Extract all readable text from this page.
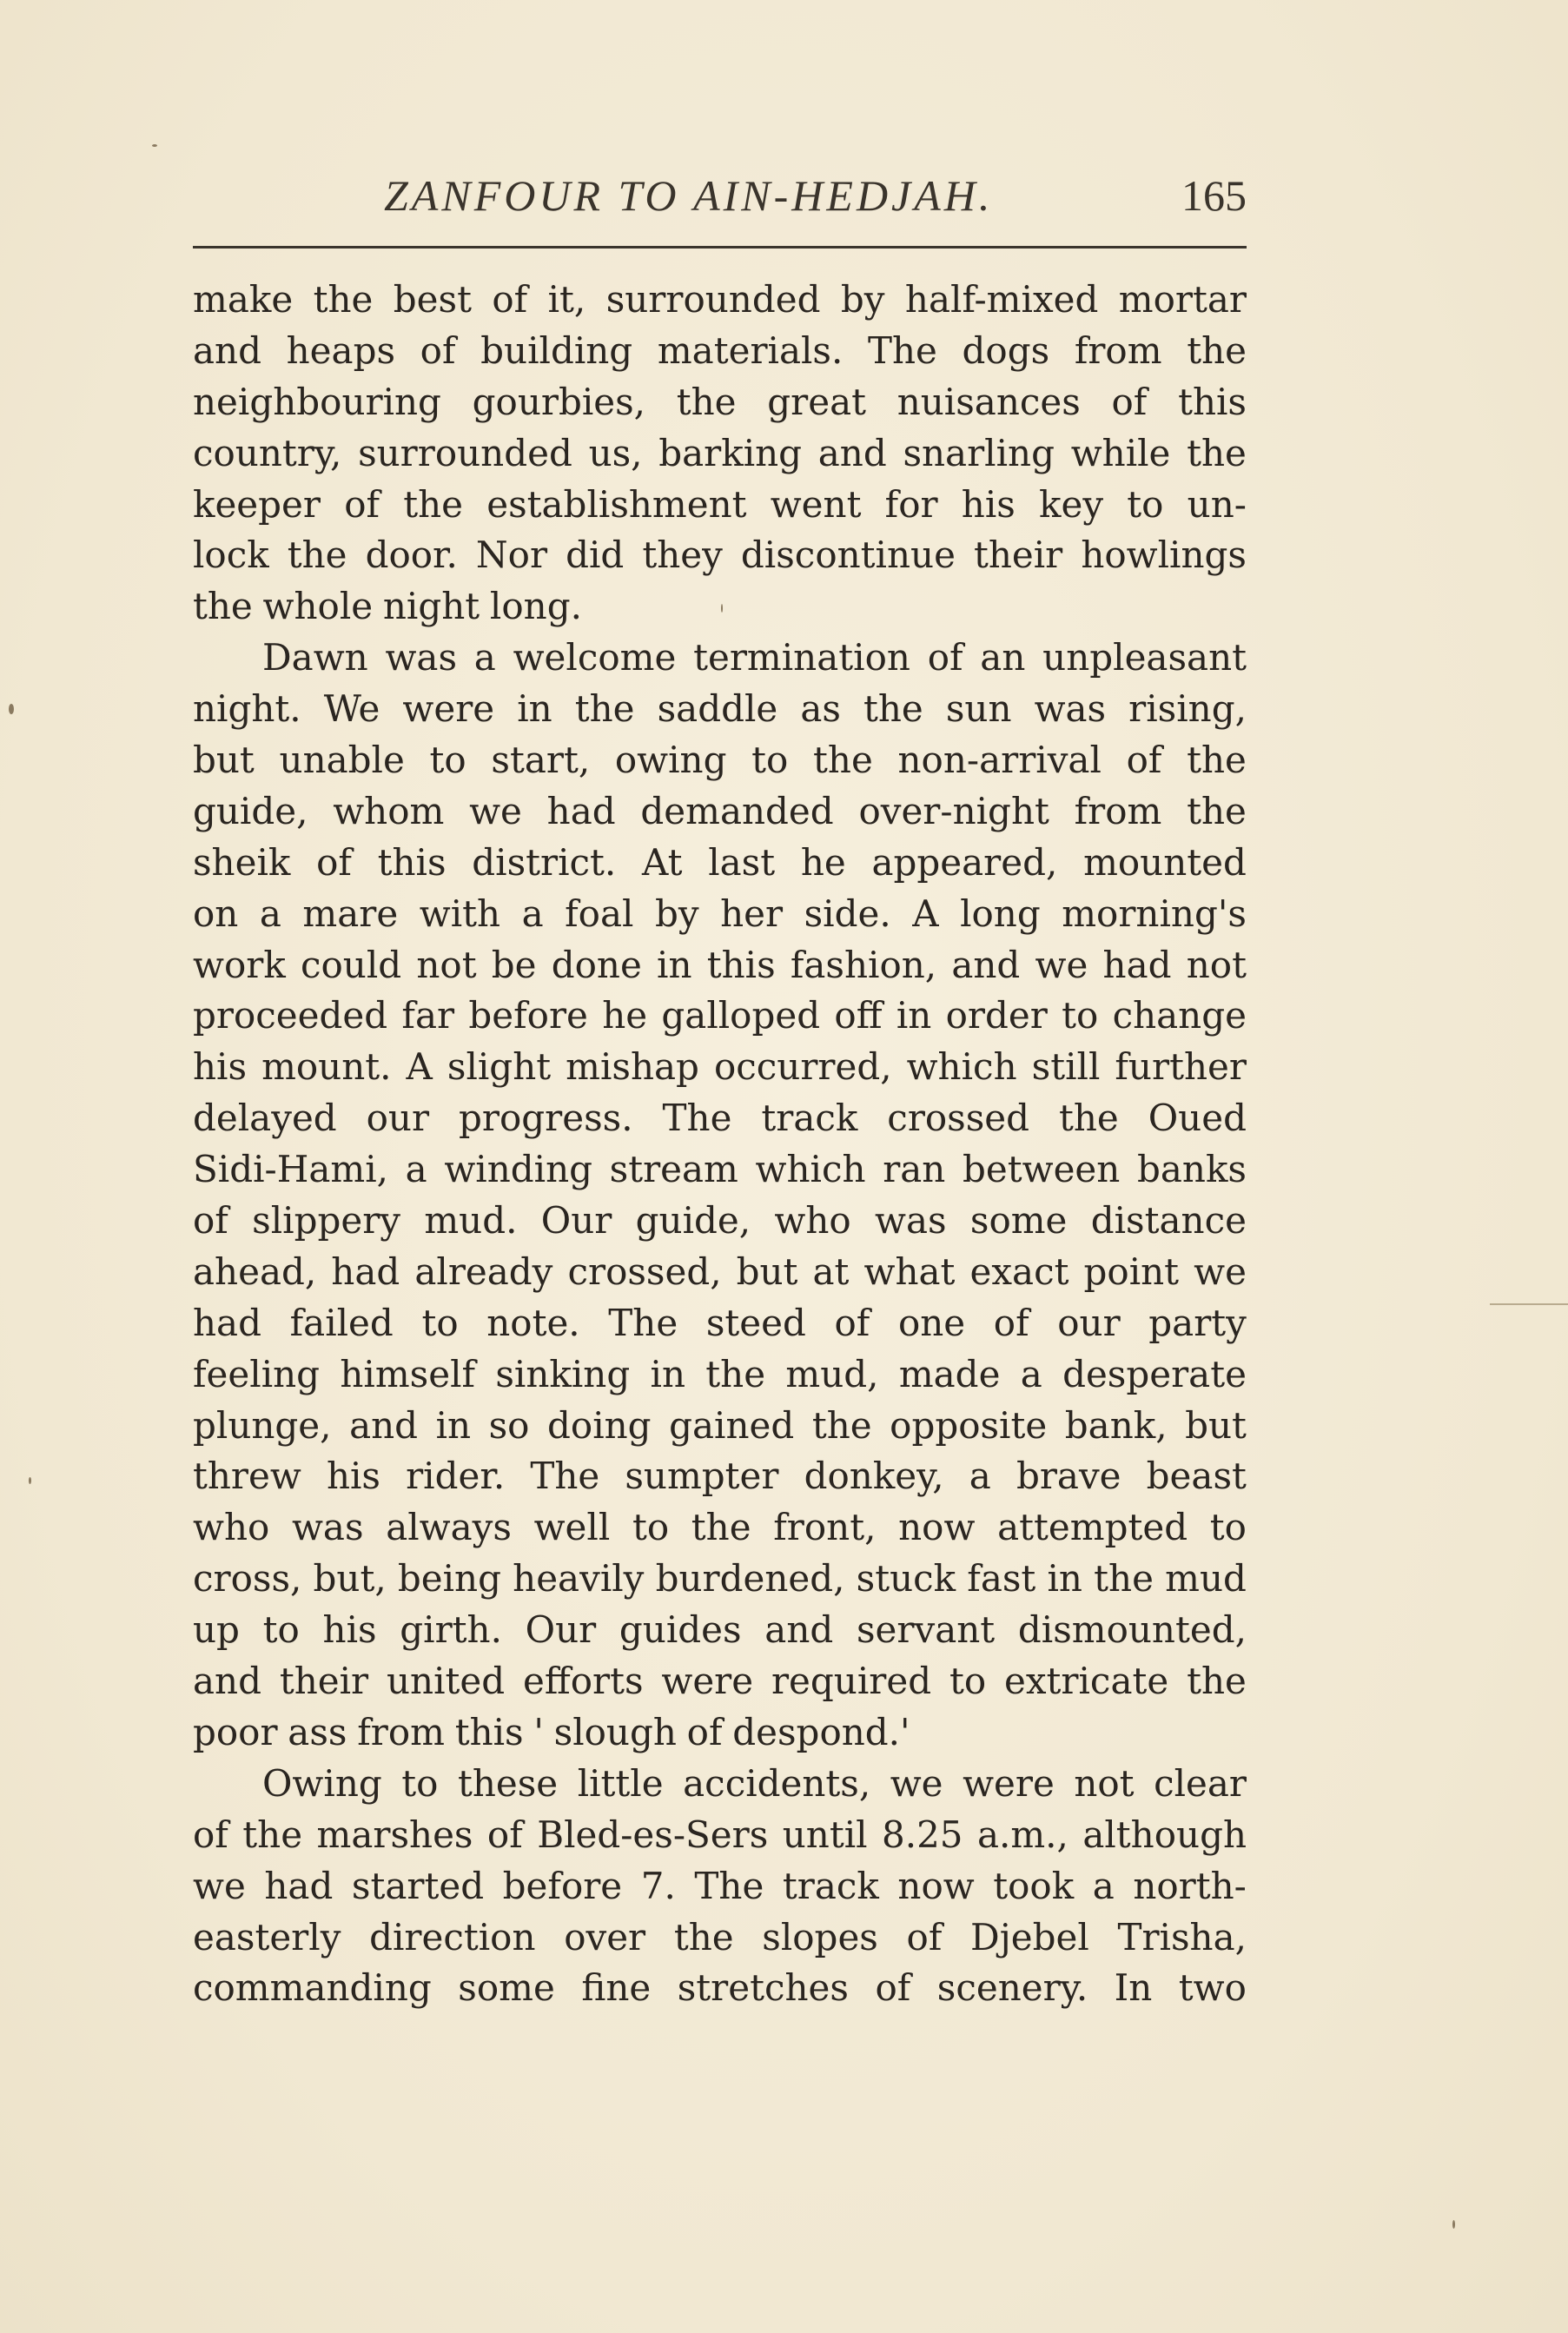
ZANFOUR TO AIN-HEDJAH.	165
make the best of it, surrounded by half-mixed mortar
and heaps of building materials. The dogs from the
neighbouring gourbies, the great nuisances of this
country, surrounded us, barking and snarling while the
keeper of the establishment went for his key to un-
lock the door. Nor did they discontinue their howlings
the whole night long.
Dawn was a welcome termination of an unpleasant
night. We were in the saddle as the sun was rising,
but unable to start, owing to the non-arrival of the
guide, whom we had demanded over-night from the
sheik of this district. At last he appeared, mounted
on a mare with a foal by her side. A long morning's
work could not be done in this fashion, and we had not
proceeded far before he galloped off in order to change
his mount. A slight mishap occurred, which still further
delayed our progress. The track crossed the Oued
Sidi-Hami, a winding stream which ran between banks
of slippery mud. Our guide, who was some distance
ahead, had already crossed, but at what exact point we
had failed to note. The steed of one of our party
feeling himself sinking in the mud, made a desperate
plunge, and in so doing gained the opposite bank, but
threw his rider. The sumpter donkey, a brave beast
who was always well to the front, now attempted to
cross, but, being heavily burdened, stuck fast in the mud
up to his girth. Our guides and servant dismounted,
and their united efforts were required to extricate the
poor ass from this ' slough of despond.'
Owing to these little accidents, we were not clear
of the marshes of Bled-es-Sers until 8.25 a.m., although
we had started before 7. The track now took a north-
easterly direction over the slopes of Djebel Trisha,
commanding some fine stretches of scenery. In two
